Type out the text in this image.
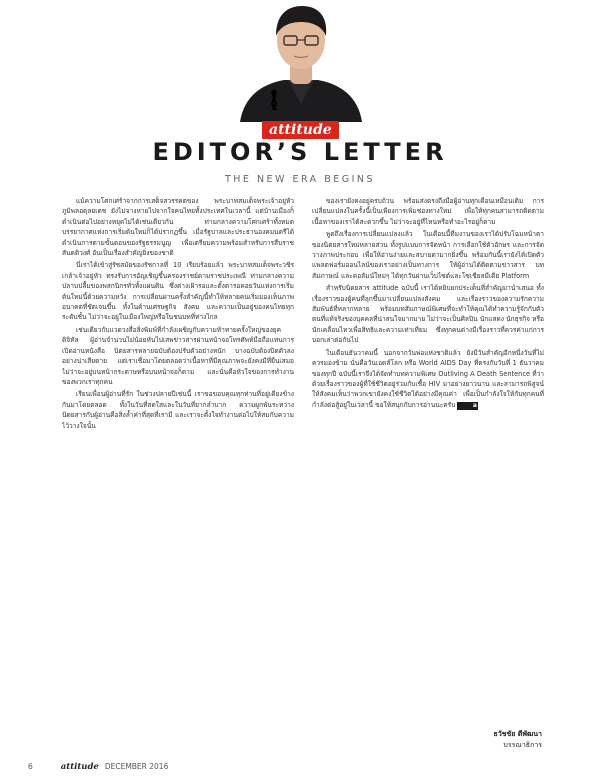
attitude
EDITOR’S LETTER
THE NEW ERA BEGINS

แม้ความโศกเศร้าจากการเสด็จสวรรคตของ พระบาทสมเด็จพระเจ้าอยู่หัวภูมิพลอดุลยเดช ยังไม่จางหายไปจากใจคนไทยทั้งประเทศในเวลานี้ แต่บ้านเมืองก็ดำเนินต่อไปอย่างหยุดไม่ได้เช่นเดียวกัน ท่ามกลางความโศกเศร้าทั้งหมด บรรยากาศแห่งการเริ่มต้นใหม่ก็ได้ปรากฏขึ้น เมื่อรัฐบาลและประธานองคมนตรีได้ดำเนินการตามขั้นตอนของรัฐธรรมนูญ เพื่อเตรียมความพร้อมสำหรับการสืบราชสันตติวงศ์ อันเป็นเรื่องสำคัญยิ่งของชาติ

นี่เราได้เข้าสู่รัชสมัยของรัชกาลที่ 10 เรียบร้อยแล้ว พระบาทสมเด็จพระวชิรเกล้าเจ้าอยู่หัว ทรงรับการอัญเชิญขึ้นครองราชย์ตามราชประเพณี ท่ามกลางความปลาบปลื้มของพสกนิกรทั่วทั้งแผ่นดิน ซึ่งต่างเฝ้ารอและตั้งตารอคอยวันแห่งการเริ่มต้นใหม่นี้ด้วยความหวัง การเปลี่ยนผ่านครั้งสำคัญนี้ทำให้หลายคนเริ่มมองเห็นภาพอนาคตที่ชัดเจนขึ้น ทั้งในด้านเศรษฐกิจ สังคม และความเป็นอยู่ของคนไทยทุกระดับชั้น ไม่ว่าจะอยู่ในเมืองใหญ่หรือในชนบทที่ห่างไกล

เช่นเดียวกับแวดวงสื่อสิ่งพิมพ์ที่กำลังเผชิญกับความท้าทายครั้งใหญ่ของยุคดิจิทัล ผู้อ่านจำนวนไม่น้อยหันไปเสพข่าวสารผ่านหน้าจอโทรศัพท์มือถือแทนการเปิดอ่านหนังสือ นิตยสารหลายฉบับต้องปรับตัวอย่างหนัก บางฉบับต้องปิดตัวลงอย่างน่าเสียดาย แต่เราเชื่อมาโดยตลอดว่าเนื้อหาที่มีคุณภาพจะยังคงมีที่ยืนเสมอ ไม่ว่าจะอยู่บนหน้ากระดาษหรือบนหน้าจอก็ตาม และนั่นคือหัวใจของการทำงานของพวกเราทุกคน

เรียนเพื่อนผู้อ่านที่รัก ในช่วงปลายปีเช่นนี้ เราขอขอบคุณทุกท่านที่อยู่เคียงข้างกันมาโดยตลอด ทั้งในวันที่สดใสและในวันที่ยากลำบาก ความผูกพันระหว่างนิตยสารกับผู้อ่านคือสิ่งล้ำค่าที่สุดที่เรามี และเราจะตั้งใจทำงานต่อไปให้สมกับความไว้วางใจนั้น

ของเรายังคงอยู่ครบถ้วน พร้อมส่งตรงถึงมือผู้อ่านทุกเดือนเหมือนเดิม การเปลี่ยนแปลงในครั้งนี้เป็นเพียงการเพิ่มช่องทางใหม่ เพื่อให้ทุกคนสามารถติดตามเนื้อหาของเราได้สะดวกขึ้น ไม่ว่าจะอยู่ที่ไหนหรือทำอะไรอยู่ก็ตาม

พูดถึงเรื่องการเปลี่ยนแปลงแล้ว ในเดือนนี้ทีมงานของเราได้ปรับโฉมหน้าตาของนิตยสารใหม่หลายส่วน ทั้งรูปแบบการจัดหน้า การเลือกใช้ตัวอักษร และการจัดวางภาพประกอบ เพื่อให้อ่านง่ายและสบายตามากยิ่งขึ้น พร้อมกันนี้เรายังได้เปิดตัวแพลตฟอร์มออนไลน์ของเราอย่างเป็นทางการ ให้ผู้อ่านได้ติดตามข่าวสาร บทสัมภาษณ์ และคอลัมน์ใหม่ๆ ได้ทุกวันผ่านเว็บไซต์และโซเชียลมีเดีย Platform

สำหรับนิตยสาร attitude ฉบับนี้ เราได้หยิบยกประเด็นที่สำคัญมานำเสนอ ทั้งเรื่องราวของผู้คนที่ลุกขึ้นมาเปลี่ยนแปลงสังคม และเรื่องราวของความรักความสัมพันธ์ที่หลากหลาย พร้อมบทสัมภาษณ์พิเศษที่จะทำให้คุณได้ทำความรู้จักกับตัวตนที่แท้จริงของบุคคลที่น่าสนใจมากมาย ไม่ว่าจะเป็นศิลปิน นักแสดง นักธุรกิจ หรือนักเคลื่อนไหวเพื่อสิทธิและความเท่าเทียม ซึ่งทุกคนต่างมีเรื่องราวที่ควรค่าแก่การบอกเล่าต่อกันไป

ในเดือนธันวาคมนี้ นอกจากวันพ่อแห่งชาติแล้ว ยังมีวันสำคัญอีกหนึ่งวันที่ไม่ควรมองข้าม นั่นคือวันเอดส์โลก หรือ World AIDS Day ที่ตรงกับวันที่ 1 ธันวาคมของทุกปี ฉบับนี้เราจึงได้จัดทำบทความพิเศษ Outliving A Death Sentence ที่ว่าด้วยเรื่องราวของผู้ที่ใช้ชีวิตอยู่ร่วมกับเชื้อ HIV มาอย่างยาวนาน และสามารถพิสูจน์ให้สังคมเห็นว่าพวกเขายังคงใช้ชีวิตได้อย่างมีคุณค่า เพื่อเป็นกำลังใจให้กับทุกคนที่กำลังต่อสู้อยู่ในเวลานี้ ขอให้สนุกกับการอ่านนะครับ	a

ธวัชชัย ตีพัฒนา
บรรณาธิการ
6	attitude DECEMBER 2016
